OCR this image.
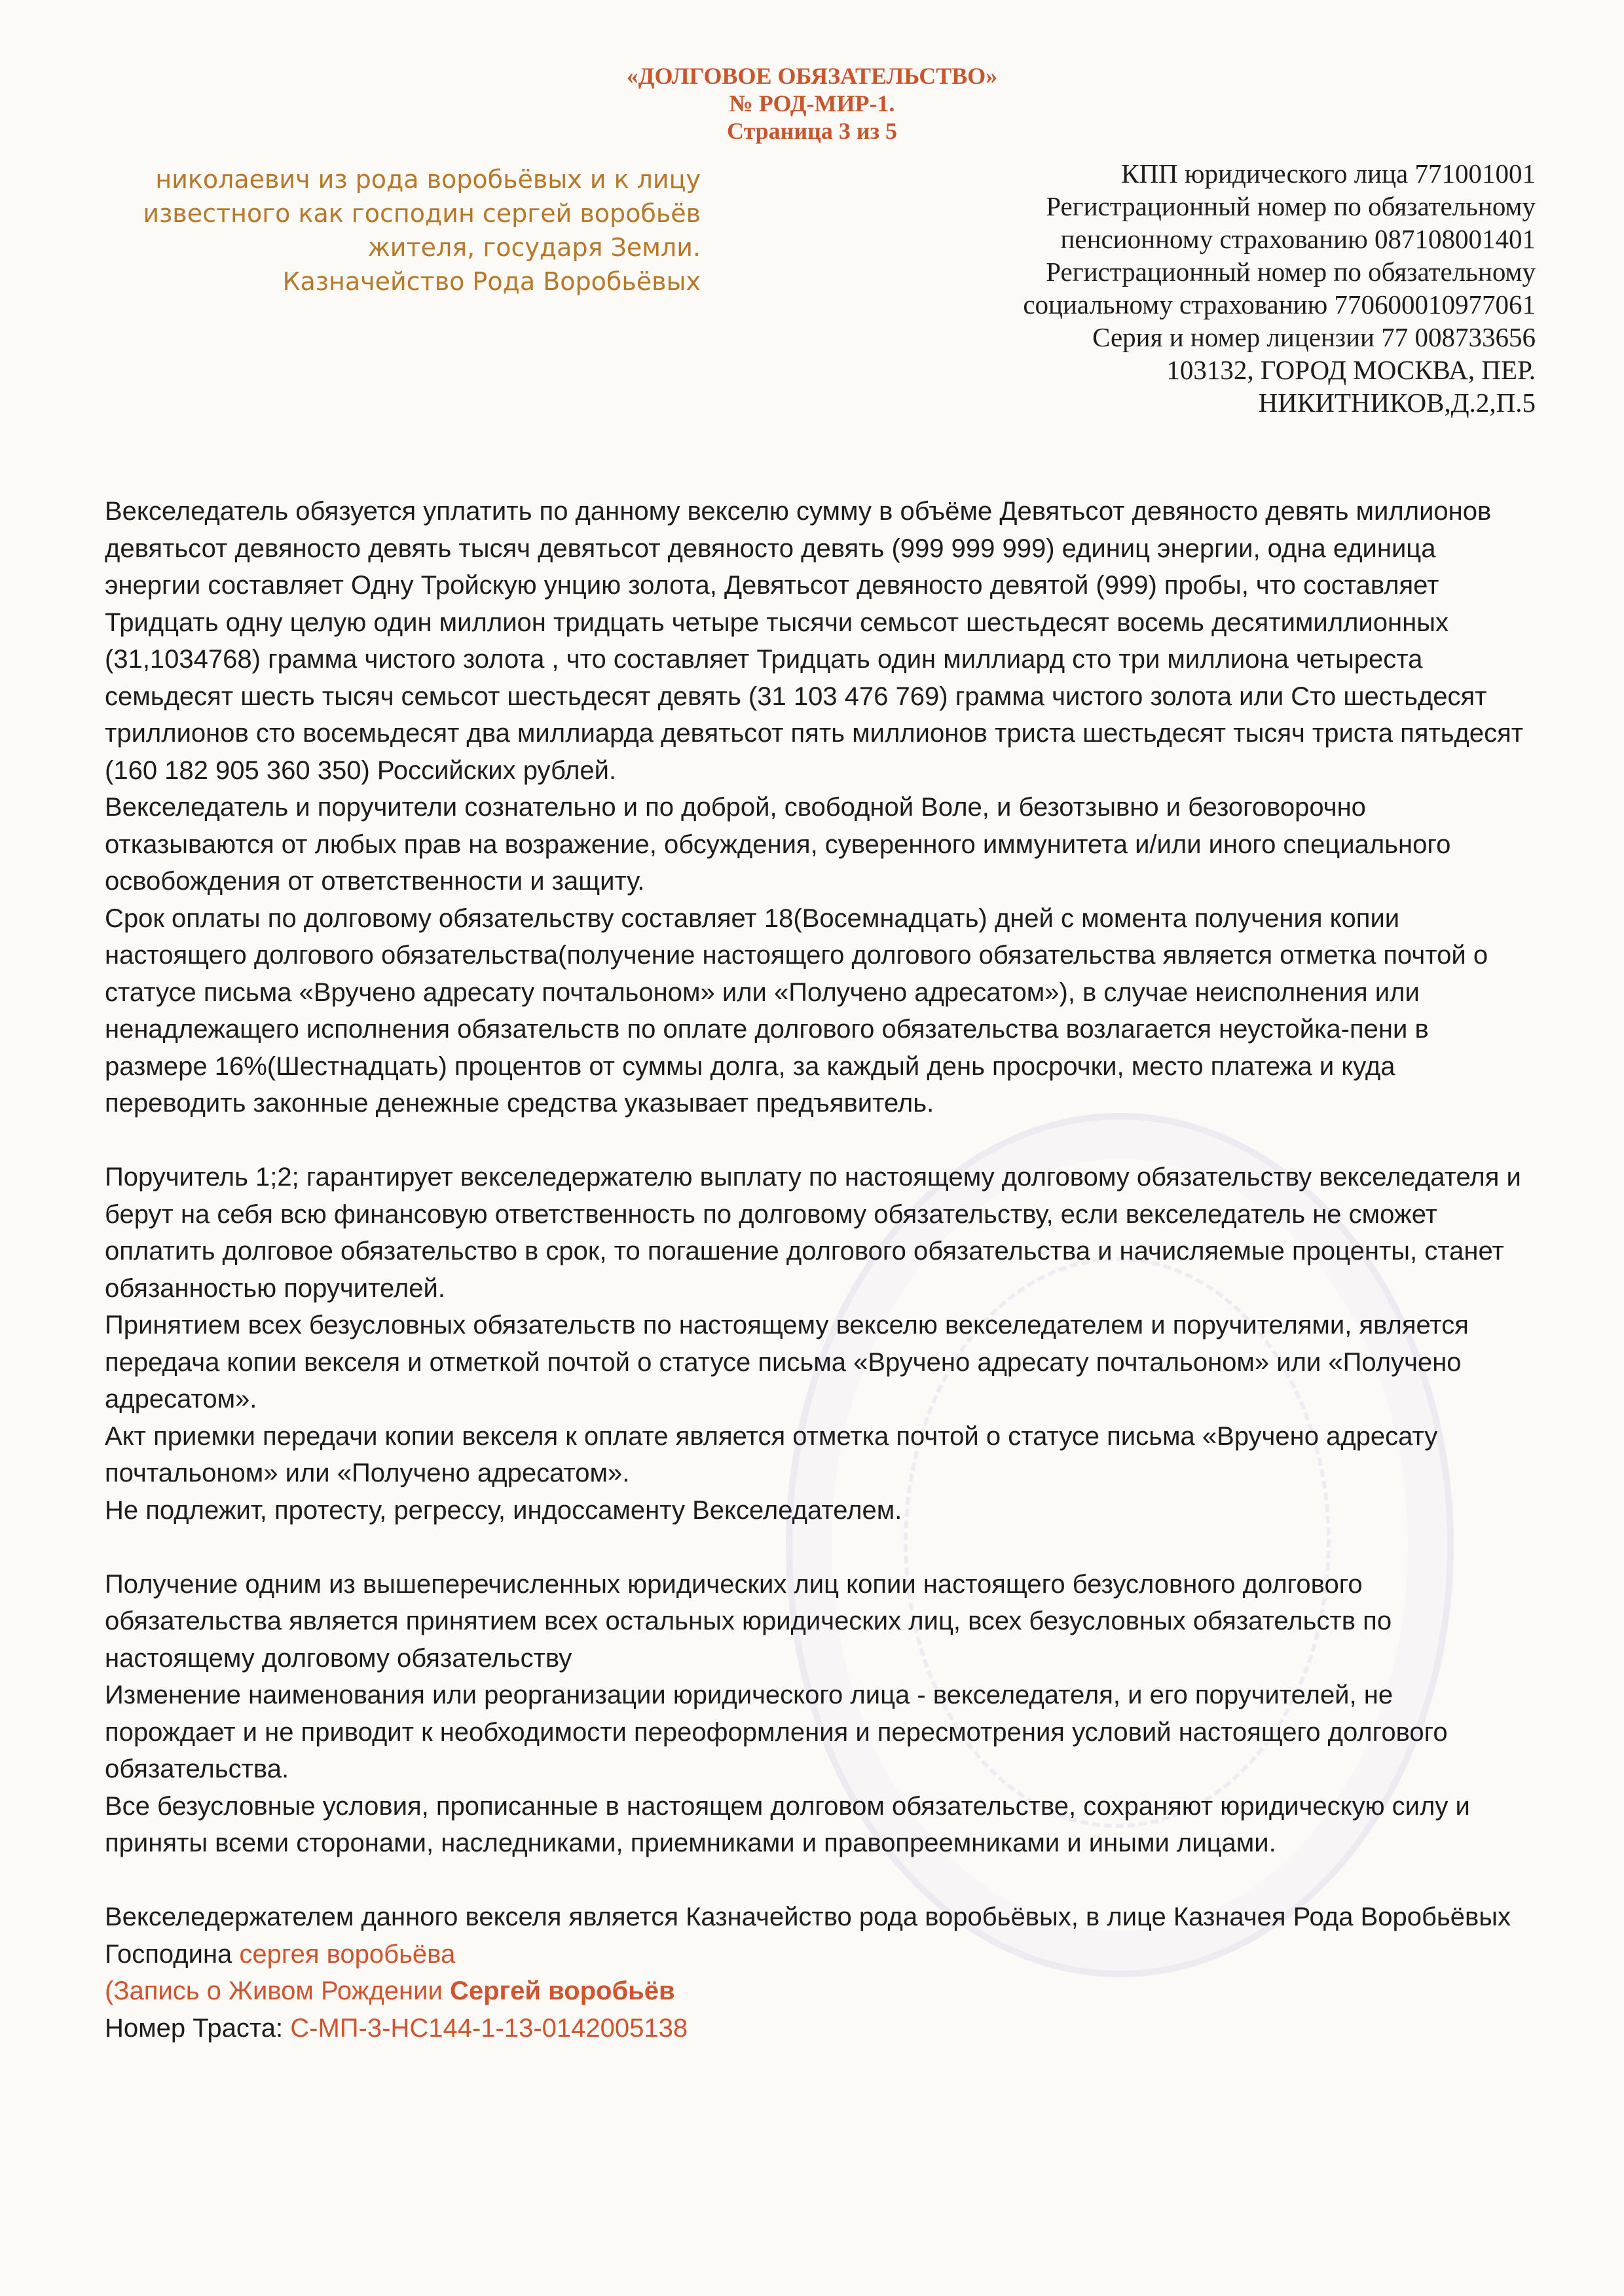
«ДОЛГОВОЕ ОБЯЗАТЕЛЬСТВО»
№ РОД-МИР-1.
Страница 3 из 5
николаевич из рода воробьёвых и к лицу
известного как господин сергей воробьёв
жителя, государя Земли.
Казначейство Рода Воробьёвых
КПП юридического лица 771001001
Регистрационный номер по обязательному
пенсионному страхованию 087108001401
Регистрационный номер по обязательному
социальному страхованию 770600010977061
Серия и номер лицензии 77 008733656
103132, ГОРОД МОСКВА, ПЕР.
НИКИТНИКОВ,Д.2,П.5

Векселедатель обязуется уплатить по данному векселю сумму в объёме Девятьсот девяносто девять миллионов девятьсот девяносто девять тысяч девятьсот девяносто девять (999 999 999) единиц энергии, одна единица энергии составляет Одну Тройскую унцию золота, Девятьсот девяносто девятой (999) пробы, что составляет Тридцать одну целую один миллион тридцать четыре тысячи семьсот шестьдесят восемь десятимиллионных (31,1034768) грамма чистого золота , что составляет Тридцать один миллиард сто три миллиона четыреста семьдесят шесть тысяч семьсот шестьдесят девять (31 103 476 769) грамма чистого золота или Сто шестьдесят триллионов сто восемьдесят два миллиарда девятьсот пять миллионов триста шестьдесят тысяч триста пятьдесят (160 182 905 360 350) Российских рублей.

Векселедатель и поручители сознательно и по доброй, свободной Воле, и безотзывно и безоговорочно отказываются от любых прав на возражение, обсуждения, суверенного иммунитета и/или иного специального освобождения от ответственности и защиту.

Срок оплаты по долговому обязательству составляет 18(Восемнадцать) дней с момента получения копии настоящего долгового обязательства(получение настоящего долгового обязательства является отметка почтой о статусе письма «Вручено адресату почтальоном» или «Получено адресатом»), в случае неисполнения или ненадлежащего исполнения обязательств по оплате долгового обязательства возлагается неустойка-пени в размере 16%(Шестнадцать) процентов от суммы долга, за каждый день просрочки, место платежа и куда переводить законные денежные средства указывает предъявитель.

Поручитель 1;2; гарантирует векселедержателю выплату по настоящему долговому обязательству векселедателя и берут на себя всю финансовую ответственность по долговому обязательству, если векселедатель не сможет оплатить долговое обязательство в срок, то погашение долгового обязательства и начисляемые проценты, станет обязанностью поручителей.

Принятием всех безусловных обязательств по настоящему векселю векселедателем и поручителями, является передача копии векселя и отметкой почтой о статусе письма «Вручено адресату почтальоном» или «Получено адресатом».

Акт приемки передачи копии векселя к оплате является отметка почтой о статусе письма «Вручено адресату почтальоном» или «Получено адресатом».

Не подлежит, протесту, регрессу, индоссаменту Векселедателем.

Получение одним из вышеперечисленных юридических лиц копии настоящего безусловного долгового обязательства является принятием всех остальных юридических лиц, всех безусловных обязательств по настоящему долговому обязательству

Изменение наименования или реорганизации юридического лица - векселедателя, и его поручителей, не порождает и не приводит к необходимости переоформления и пересмотрения условий настоящего долгового обязательства.

Все безусловные условия, прописанные в настоящем долговом обязательстве, сохраняют юридическую силу и приняты всеми сторонами, наследниками, приемниками и правопреемниками и иными лицами.

Векселедержателем данного векселя является Казначейство рода воробьёвых, в лице Казначея Рода Воробьёвых Господина сергея воробьёва

(Запись о Живом Рождении Сергей воробьёв

Номер Траста: С-МП-3-НС144-1-13-0142005138
